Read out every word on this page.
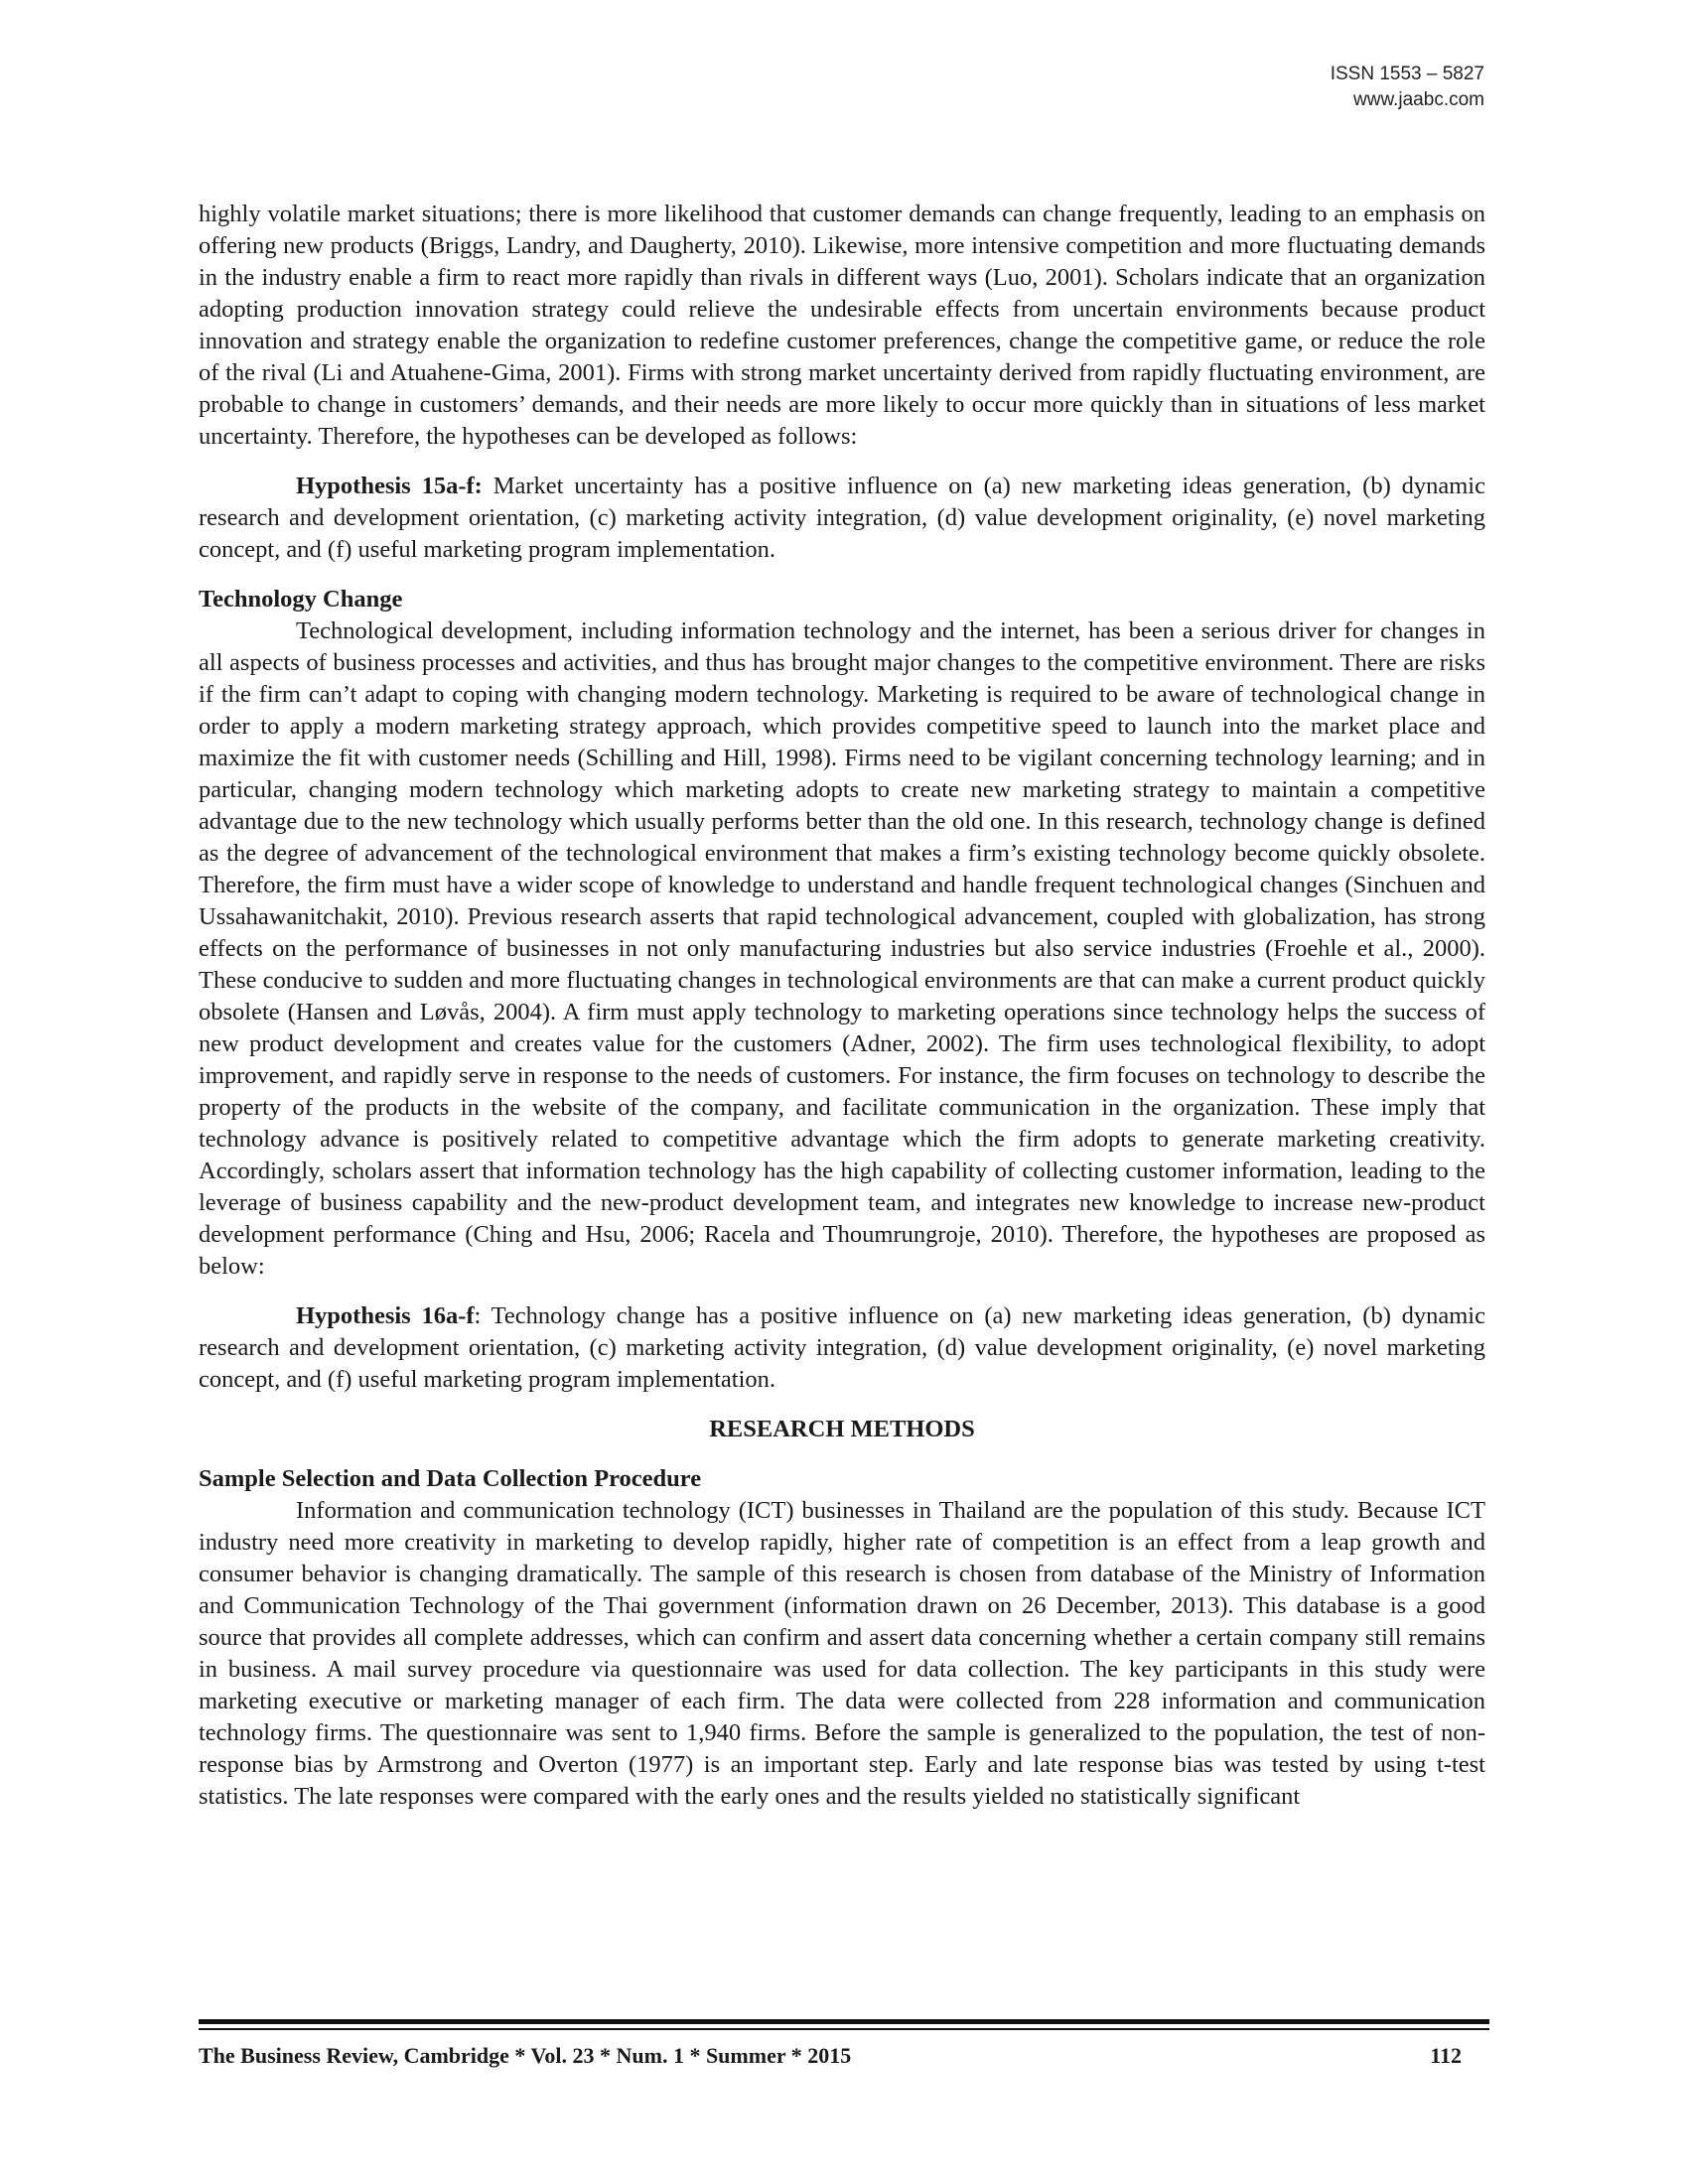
ISSN 1553 – 5827
www.jaabc.com

highly volatile market situations; there is more likelihood that customer demands can change frequently, leading to an emphasis on offering new products (Briggs, Landry, and Daugherty, 2010). Likewise, more intensive competition and more fluctuating demands in the industry enable a firm to react more rapidly than rivals in different ways (Luo, 2001). Scholars indicate that an organization adopting production innovation strategy could relieve the undesirable effects from uncertain environments because product innovation and strategy enable the organization to redefine customer preferences, change the competitive game, or reduce the role of the rival (Li and Atuahene-Gima, 2001). Firms with strong market uncertainty derived from rapidly fluctuating environment, are probable to change in customers’ demands, and their needs are more likely to occur more quickly than in situations of less market uncertainty. Therefore, the hypotheses can be developed as follows:

Hypothesis 15a-f: Market uncertainty has a positive influence on (a) new marketing ideas generation, (b) dynamic research and development orientation, (c) marketing activity integration, (d) value development originality, (e) novel marketing concept, and (f) useful marketing program implementation.

Technology Change

Technological development, including information technology and the internet, has been a serious driver for changes in all aspects of business processes and activities, and thus has brought major changes to the competitive environment. There are risks if the firm can’t adapt to coping with changing modern technology. Marketing is required to be aware of technological change in order to apply a modern marketing strategy approach, which provides competitive speed to launch into the market place and maximize the fit with customer needs (Schilling and Hill, 1998). Firms need to be vigilant concerning technology learning; and in particular, changing modern technology which marketing adopts to create new marketing strategy to maintain a competitive advantage due to the new technology which usually performs better than the old one. In this research, technology change is defined as the degree of advancement of the technological environment that makes a firm’s existing technology become quickly obsolete. Therefore, the firm must have a wider scope of knowledge to understand and handle frequent technological changes (Sinchuen and Ussahawanitchakit, 2010). Previous research asserts that rapid technological advancement, coupled with globalization, has strong effects on the performance of businesses in not only manufacturing industries but also service industries (Froehle et al., 2000). These conducive to sudden and more fluctuating changes in technological environments are that can make a current product quickly obsolete (Hansen and Løvås, 2004). A firm must apply technology to marketing operations since technology helps the success of new product development and creates value for the customers (Adner, 2002). The firm uses technological flexibility, to adopt improvement, and rapidly serve in response to the needs of customers. For instance, the firm focuses on technology to describe the property of the products in the website of the company, and facilitate communication in the organization. These imply that technology advance is positively related to competitive advantage which the firm adopts to generate marketing creativity. Accordingly, scholars assert that information technology has the high capability of collecting customer information, leading to the leverage of business capability and the new-product development team, and integrates new knowledge to increase new-product development performance (Ching and Hsu, 2006; Racela and Thoumrungroje, 2010). Therefore, the hypotheses are proposed as below:

Hypothesis 16a-f: Technology change has a positive influence on (a) new marketing ideas generation, (b) dynamic research and development orientation, (c) marketing activity integration, (d) value development originality, (e) novel marketing concept, and (f) useful marketing program implementation.

RESEARCH METHODS

Sample Selection and Data Collection Procedure

Information and communication technology (ICT) businesses in Thailand are the population of this study. Because ICT industry need more creativity in marketing to develop rapidly, higher rate of competition is an effect from a leap growth and consumer behavior is changing dramatically. The sample of this research is chosen from database of the Ministry of Information and Communication Technology of the Thai government (information drawn on 26 December, 2013). This database is a good source that provides all complete addresses, which can confirm and assert data concerning whether a certain company still remains in business. A mail survey procedure via questionnaire was used for data collection. The key participants in this study were marketing executive or marketing manager of each firm. The data were collected from 228 information and communication technology firms. The questionnaire was sent to 1,940 firms. Before the sample is generalized to the population, the test of non-response bias by Armstrong and Overton (1977) is an important step. Early and late response bias was tested by using t-test statistics. The late responses were compared with the early ones and the results yielded no statistically significant

The Business Review, Cambridge * Vol. 23 * Num. 1 * Summer * 2015	112
